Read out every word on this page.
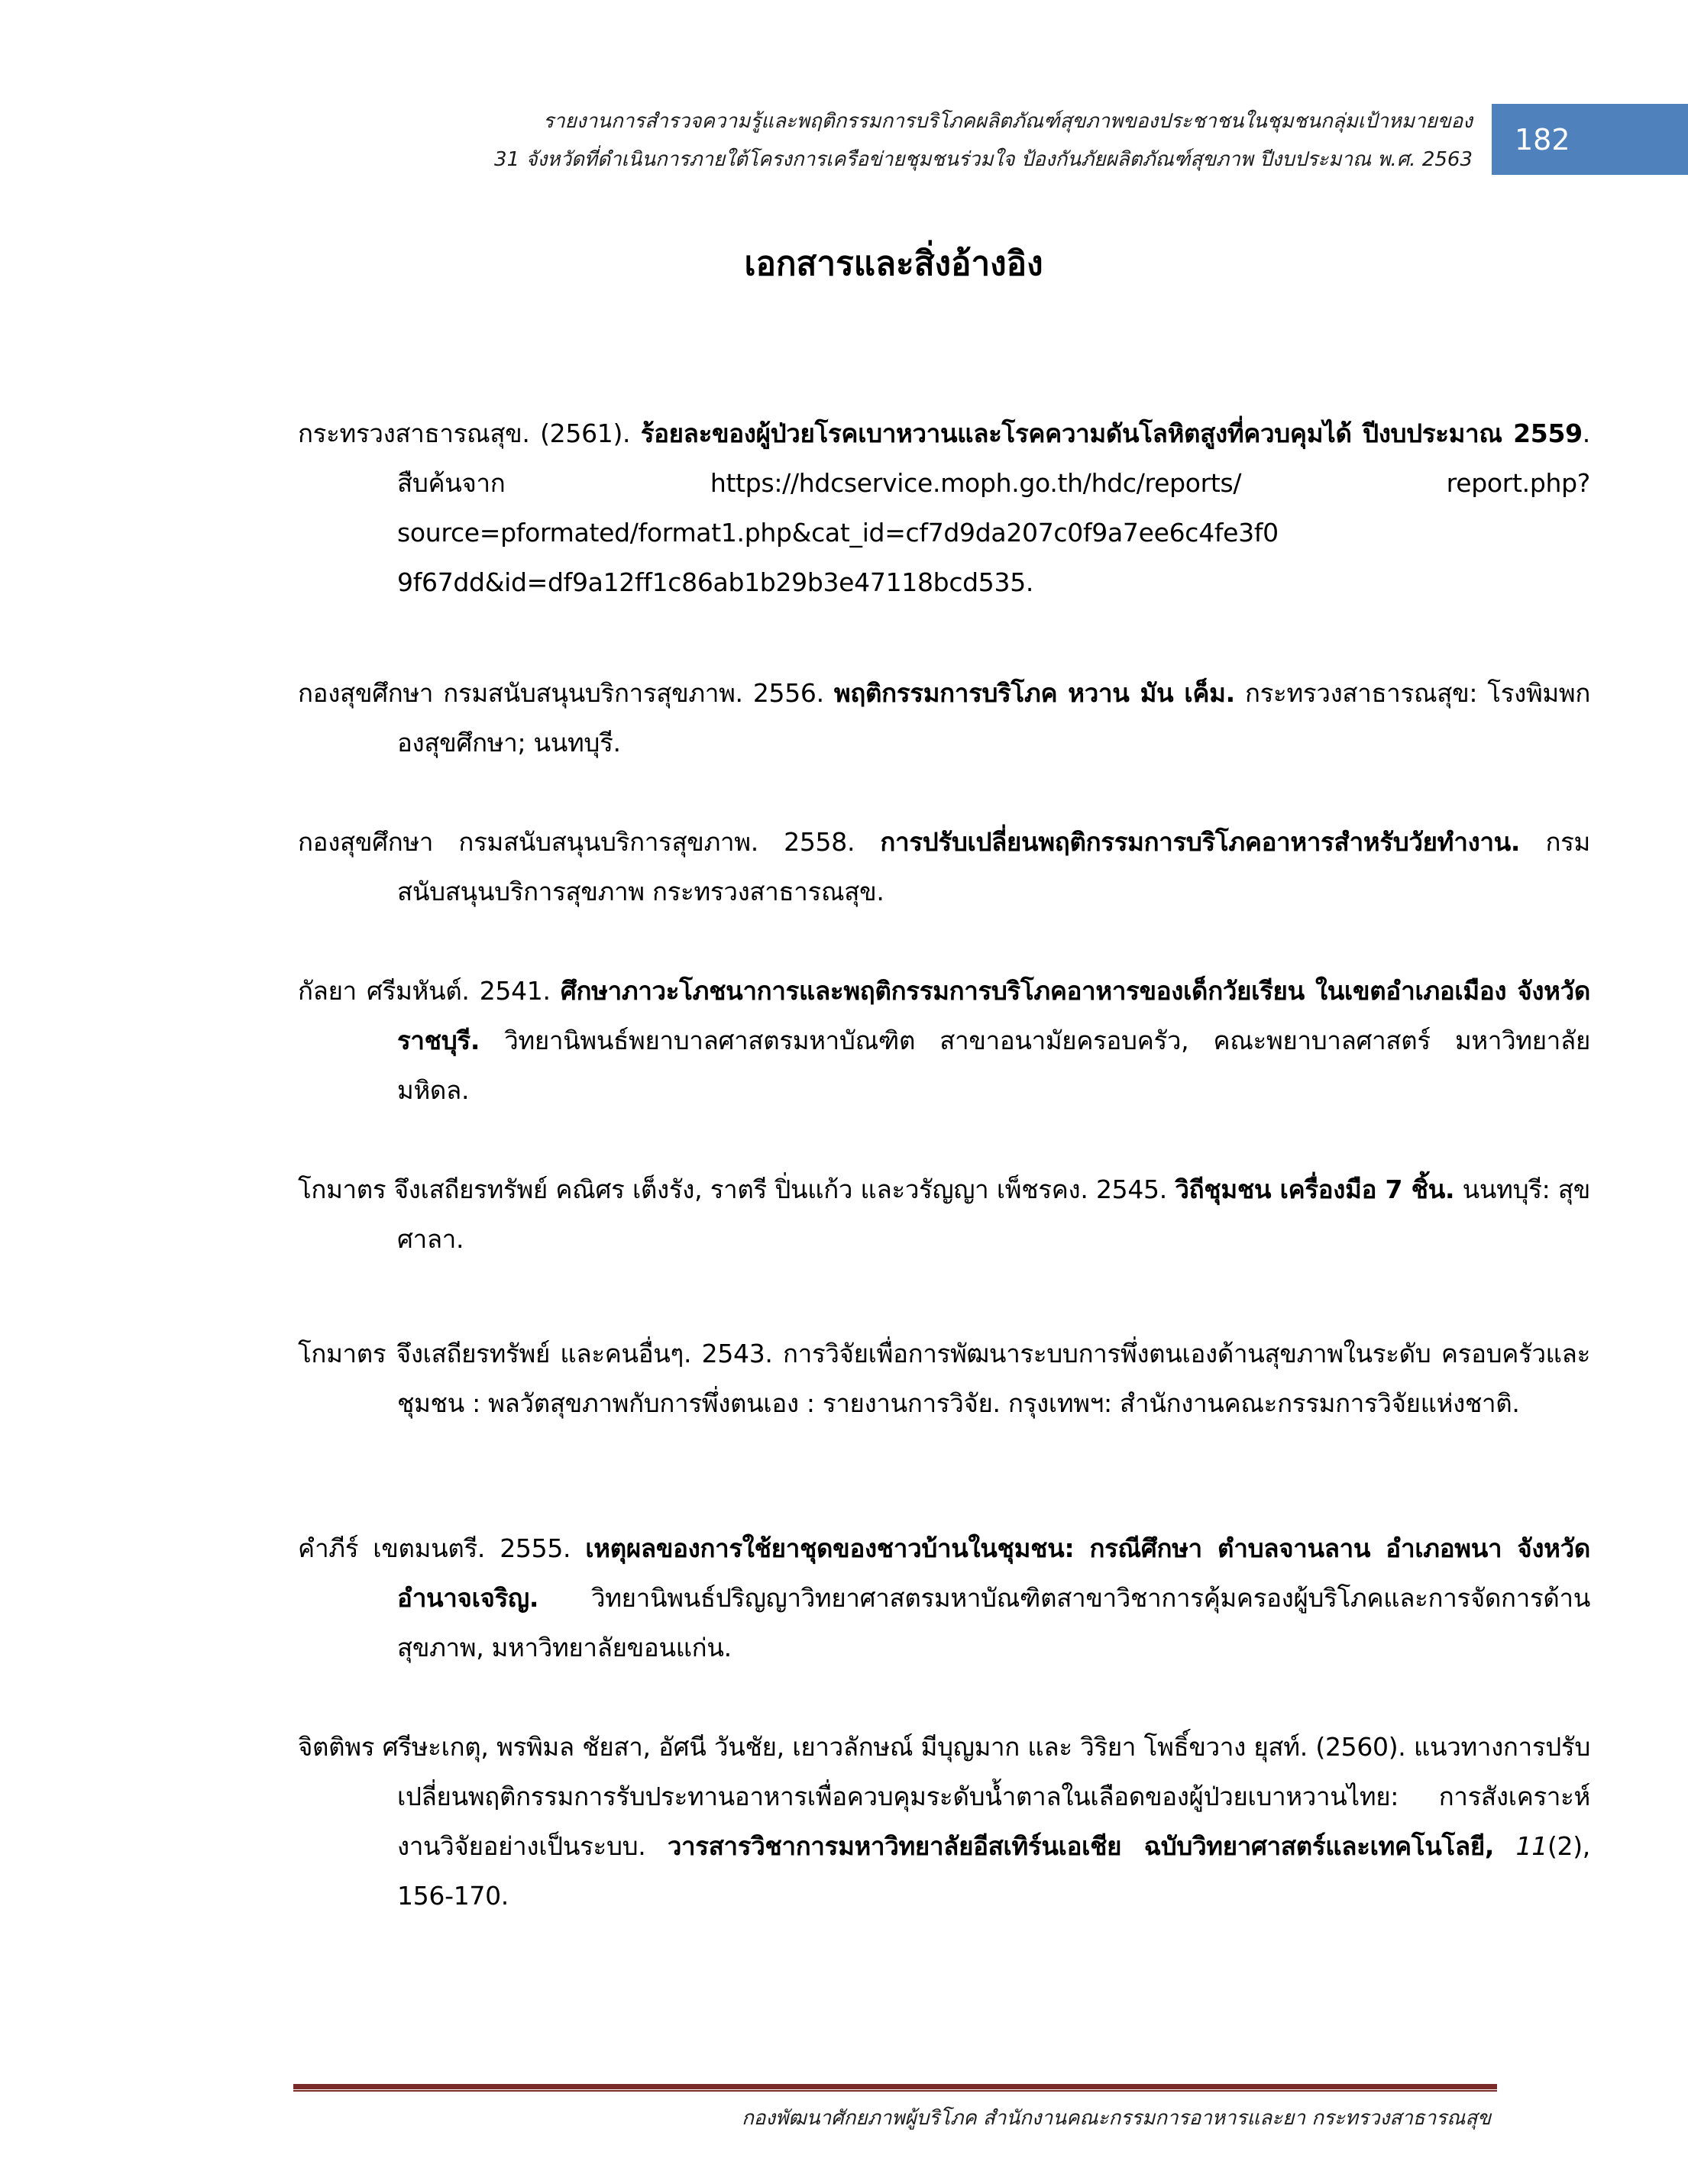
รายงานการสำรวจความรู้และพฤติกรรมการบริโภคผลิตภัณฑ์สุขภาพของประชาชนในชุมชนกลุ่มเป้าหมายของ

31 จังหวัดที่ดำเนินการภายใต้โครงการเครือข่ายชุมชนร่วมใจ ป้องกันภัยผลิตภัณฑ์สุขภาพ ปีงบประมาณ พ.ศ. 2563

182
เอกสารและสิ่งอ้างอิง

กระทรวงสาธารณสุข. (2561). ร้อยละของผู้ป่วยโรคเบาหวานและโรคความดันโลหิตสูงที่ควบคุมได้ ปีงบประมาณ 2559. สืบค้นจาก https://hdcservice.moph.go.th/hdc/reports/ report.php?source=pformated/format1.php&cat_id=cf7d9da207c0f9a7ee6c4fe3f0 9f67dd&id=df9a12ff1c86ab1b29b3e47118bcd535.

กองสุขศึกษา กรมสนับสนุนบริการสุขภาพ. 2556. พฤติกรรมการบริโภค หวาน มัน เค็ม. กระทรวงสาธารณสุข: โรงพิมพกองสุขศึกษา; นนทบุรี.

กองสุขศึกษา กรมสนับสนุนบริการสุขภาพ. 2558. การปรับเปลี่ยนพฤติกรรมการบริโภคอาหารสำหรับวัยทำงาน. กรมสนับสนุนบริการสุขภาพ กระทรวงสาธารณสุข.

กัลยา ศรีมหันต์. 2541. ศึกษาภาวะโภชนาการและพฤติกรรมการบริโภคอาหารของเด็กวัยเรียน ในเขตอำเภอเมือง จังหวัดราชบุรี. วิทยานิพนธ์พยาบาลศาสตรมหาบัณฑิต สาขาอนามัยครอบครัว, คณะพยาบาลศาสตร์ มหาวิทยาลัยมหิดล.

โกมาตร จึงเสถียรทรัพย์ คณิศร เต็งรัง, ราตรี ปิ่นแก้ว และวรัญญา เพ็ชรคง. 2545. วิถีชุมชน เครื่องมือ 7 ชิ้น. นนทบุรี: สุขศาลา.

โกมาตร จึงเสถียรทรัพย์ และคนอื่นๆ. 2543. การวิจัยเพื่อการพัฒนาระบบการพึ่งตนเองด้านสุขภาพในระดับ ครอบครัวและชุมชน : พลวัตสุขภาพกับการพึ่งตนเอง : รายงานการวิจัย. กรุงเทพฯ: สำนักงานคณะกรรมการวิจัยแห่งชาติ.

คำภีร์ เขตมนตรี. 2555. เหตุผลของการใช้ยาชุดของชาวบ้านในชุมชน: กรณีศึกษา ตำบลจานลาน อำเภอพนา จังหวัดอำนาจเจริญ. วิทยานิพนธ์ปริญญาวิทยาศาสตรมหาบัณฑิตสาขาวิชาการคุ้มครองผู้บริโภคและการจัดการด้านสุขภาพ, มหาวิทยาลัยขอนแก่น.

จิตติพร ศรีษะเกตุ, พรพิมล ชัยสา, อัศนี วันชัย, เยาวลักษณ์ มีบุญมาก และ วิริยา โพธิ์ขวาง ยุสท์. (2560). แนวทางการปรับเปลี่ยนพฤติกรรมการรับประทานอาหารเพื่อควบคุมระดับน้ำตาลในเลือดของผู้ป่วยเบาหวานไทย: การสังเคราะห์งานวิจัยอย่างเป็นระบบ. วารสารวิชาการมหาวิทยาลัยอีสเทิร์นเอเชีย ฉบับวิทยาศาสตร์และเทคโนโลยี, 11(2), 156-170.

กองพัฒนาศักยภาพผู้บริโภค สำนักงานคณะกรรมการอาหารและยา กระทรวงสาธารณสุข
